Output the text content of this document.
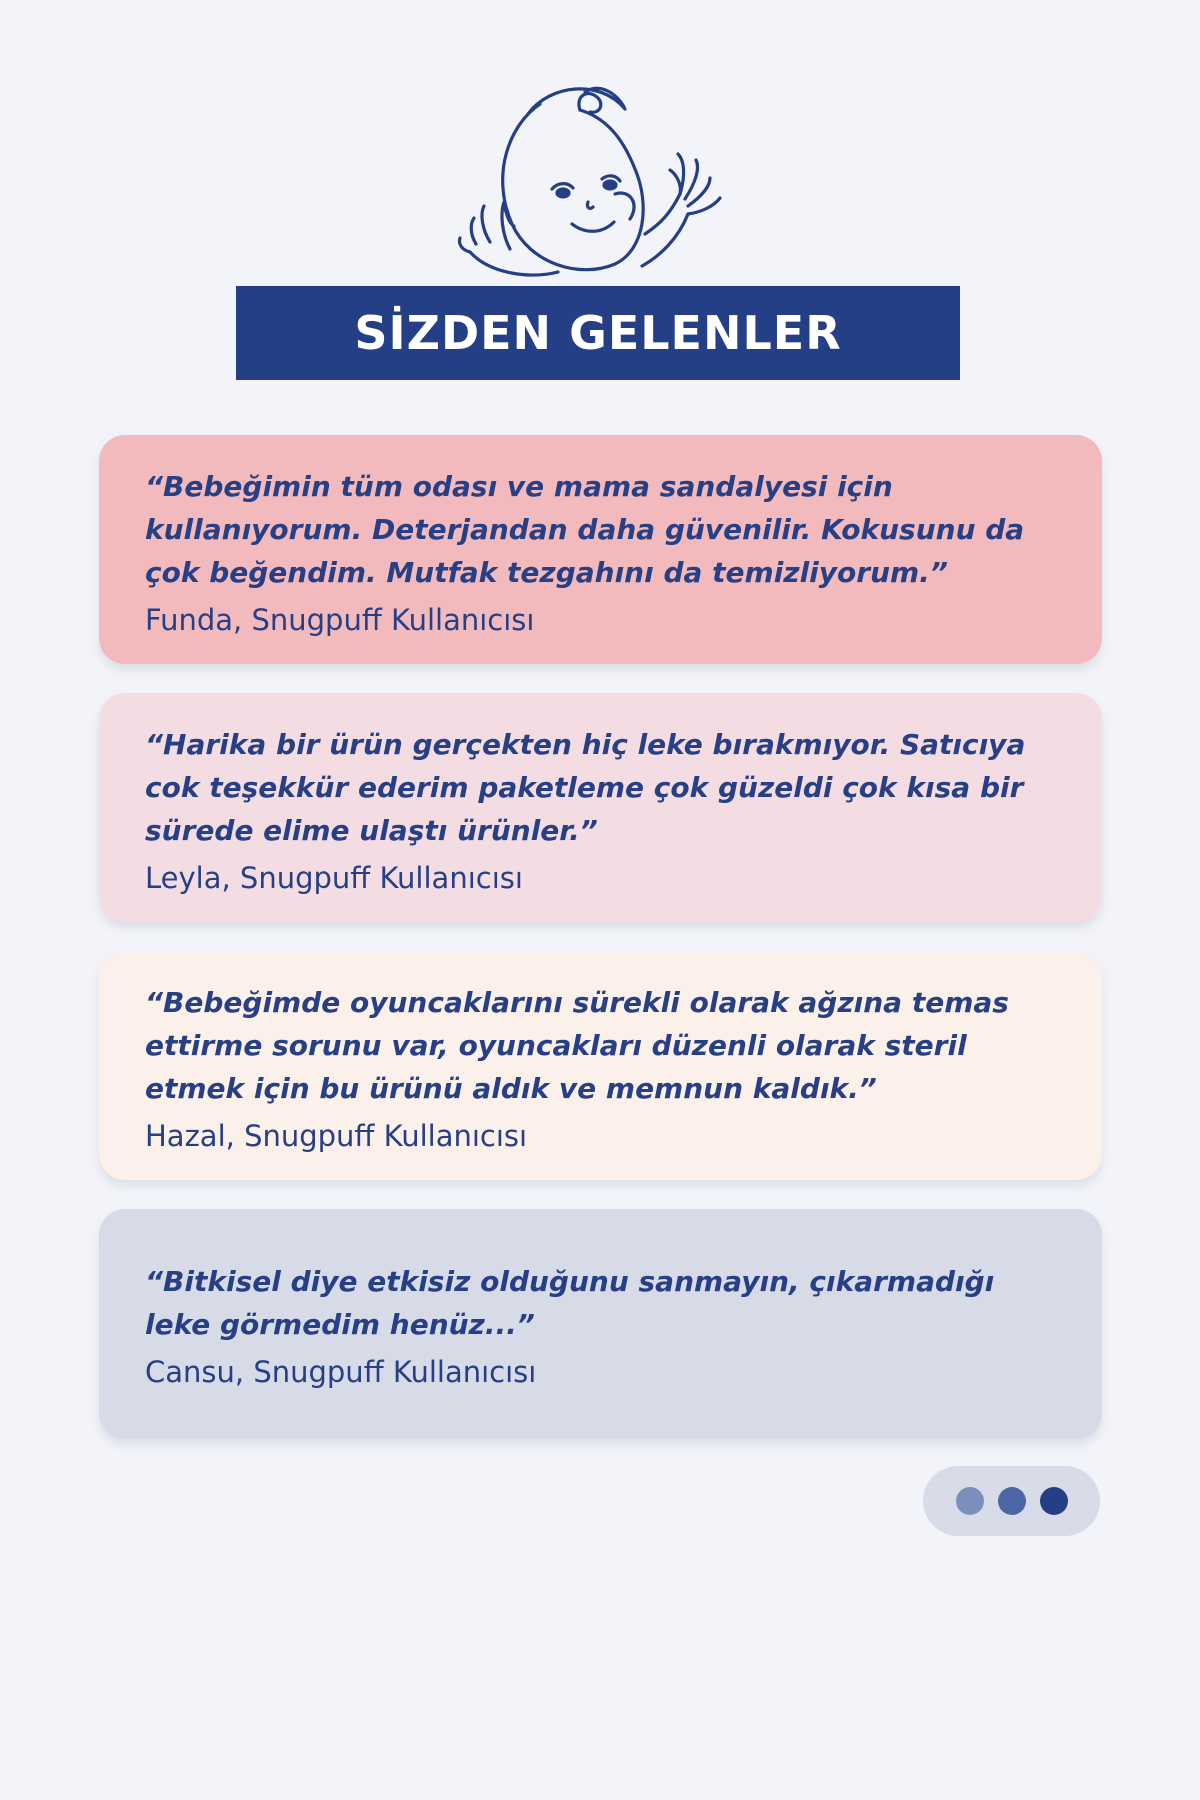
SİZDEN GELENLER

“Bebeğimin tüm odası ve mama sandalyesi için kullanıyorum. Deterjandan daha güvenilir. Kokusunu da çok beğendim. Mutfak tezgahını da temizliyorum.”

Funda, Snugpuff Kullanıcısı

“Harika bir ürün gerçekten hiç leke bırakmıyor. Satıcıya cok teşekkür ederim paketleme çok güzeldi çok kısa bir sürede elime ulaştı ürünler.”

Leyla, Snugpuff Kullanıcısı

“Bebeğimde oyuncaklarını sürekli olarak ağzına temas ettirme sorunu var, oyuncakları düzenli olarak steril etmek için bu ürünü aldık ve memnun kaldık.”

Hazal, Snugpuff Kullanıcısı

“Bitkisel diye etkisiz olduğunu sanmayın, çıkarmadığı leke görmedim henüz...”

Cansu, Snugpuff Kullanıcısı
